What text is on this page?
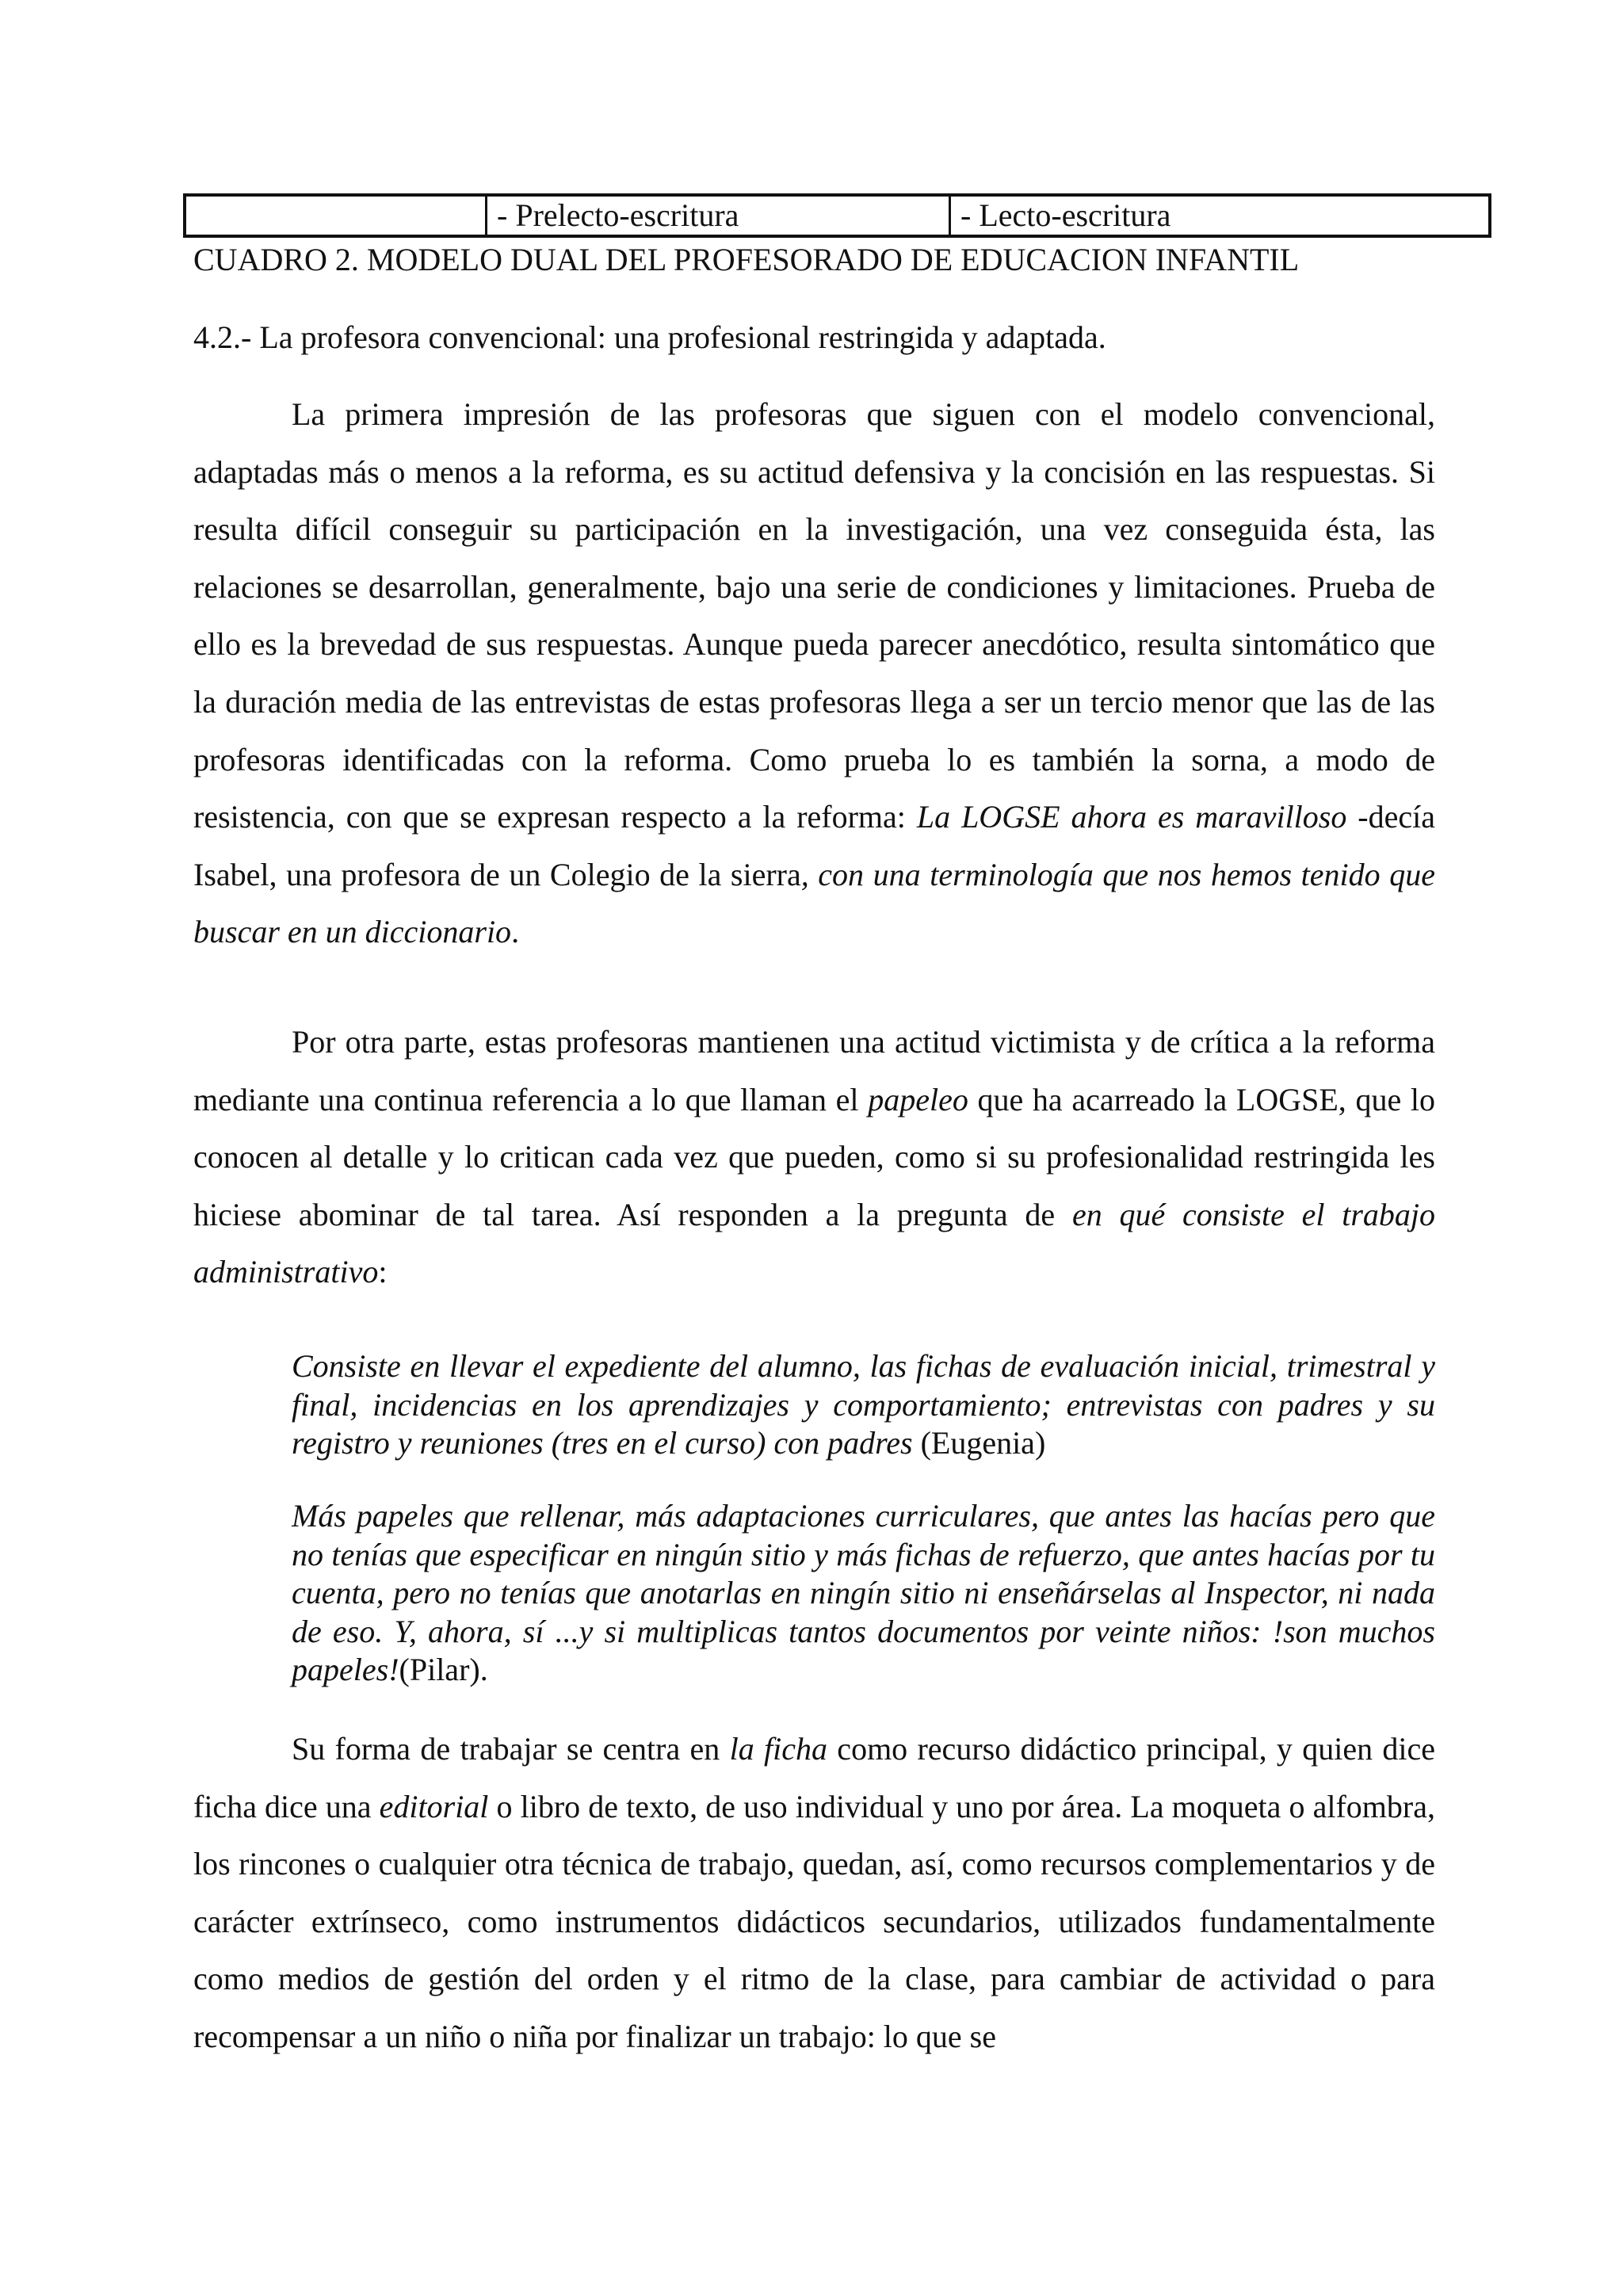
- Prelecto-escritura	- Lecto-escritura
CUADRO 2. MODELO DUAL DEL PROFESORADO DE EDUCACION INFANTIL
4.2.- La profesora convencional: una profesional restringida y adaptada.

La primera impresión de las profesoras que siguen con el modelo convencional, adaptadas más o menos a la reforma, es su actitud defensiva y la concisión en las respuestas. Si resulta difícil conseguir su participación en la investigación, una vez conseguida ésta, las relaciones se desarrollan, generalmente, bajo una serie de condiciones y limitaciones. Prueba de ello es la brevedad de sus respuestas. Aunque pueda parecer anecdótico, resulta sintomático que la duración media de las entrevistas de estas profesoras llega a ser un tercio menor que las de las profesoras identificadas con la reforma. Como prueba lo es también la sorna, a modo de resistencia, con que se expresan respecto a la reforma: La LOGSE ahora es maravilloso -decía Isabel, una profesora de un Colegio de la sierra, con una terminología que nos hemos tenido que buscar en un diccionario.

Por otra parte, estas profesoras mantienen una actitud victimista y de crítica a la reforma mediante una continua referencia a lo que llaman el papeleo que ha acarreado la LOGSE, que lo conocen al detalle y lo critican cada vez que pueden, como si su profesionalidad restringida les hiciese abominar de tal tarea. Así responden a la pregunta de en qué consiste el trabajo administrativo:

Consiste en llevar el expediente del alumno, las fichas de evaluación inicial, trimestral y final, incidencias en los aprendizajes y comportamiento; entrevistas con padres y su registro y reuniones (tres en el curso) con padres (Eugenia)

Más papeles que rellenar, más adaptaciones curriculares, que antes las hacías pero que no tenías que especificar en ningún sitio y más fichas de refuerzo, que antes hacías por tu cuenta, pero no tenías que anotarlas en ningín sitio ni enseñárselas al Inspector, ni nada de eso. Y, ahora, sí ...y si multiplicas tantos documentos por veinte niños: !son muchos papeles!(Pilar).

Su forma de trabajar se centra en la ficha como recurso didáctico principal, y quien dice ficha dice una editorial o libro de texto, de uso individual y uno por área. La moqueta o alfombra, los rincones o cualquier otra técnica de trabajo, quedan, así, como recursos complementarios y de carácter extrínseco, como instrumentos didácticos secundarios, utilizados fundamentalmente como medios de gestión del orden y el ritmo de la clase, para cambiar de actividad o para recompensar a un niño o niña por finalizar un trabajo: lo que se
